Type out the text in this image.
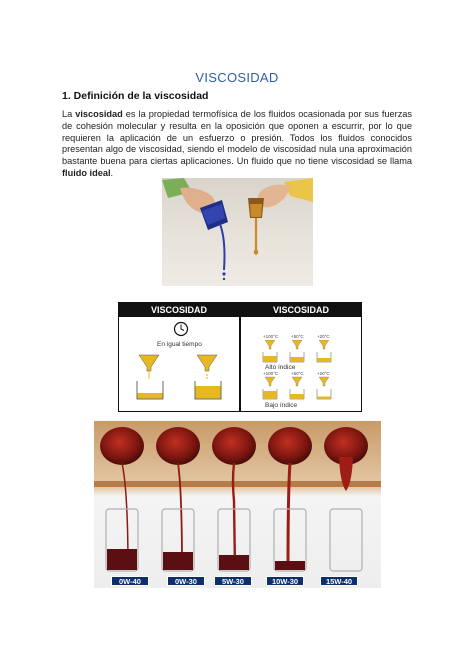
VISCOSIDAD
1. Definición de la viscosidad
La viscosidad es la propiedad termofísica de los fluidos ocasionada por sus fuerzas de cohesión molecular y resulta en la oposición que oponen a escurrir, por lo que requieren la aplicación de un esfuerzo o presión. Todos los fluidos conocidos presentan algo de viscosidad, siendo el modelo de viscosidad nula una aproximación bastante buena para ciertas aplicaciones. Un fluido que no tiene viscosidad se llama fluido ideal.
VISCOSIDAD	VISCOSIDAD
En igual tiempo
+100°C	+50°C	+20°C
Alto índice
+100°C	+50°C	+20°C
Bajo índice
0W-40	0W-30	5W-30	10W-30	15W-40
